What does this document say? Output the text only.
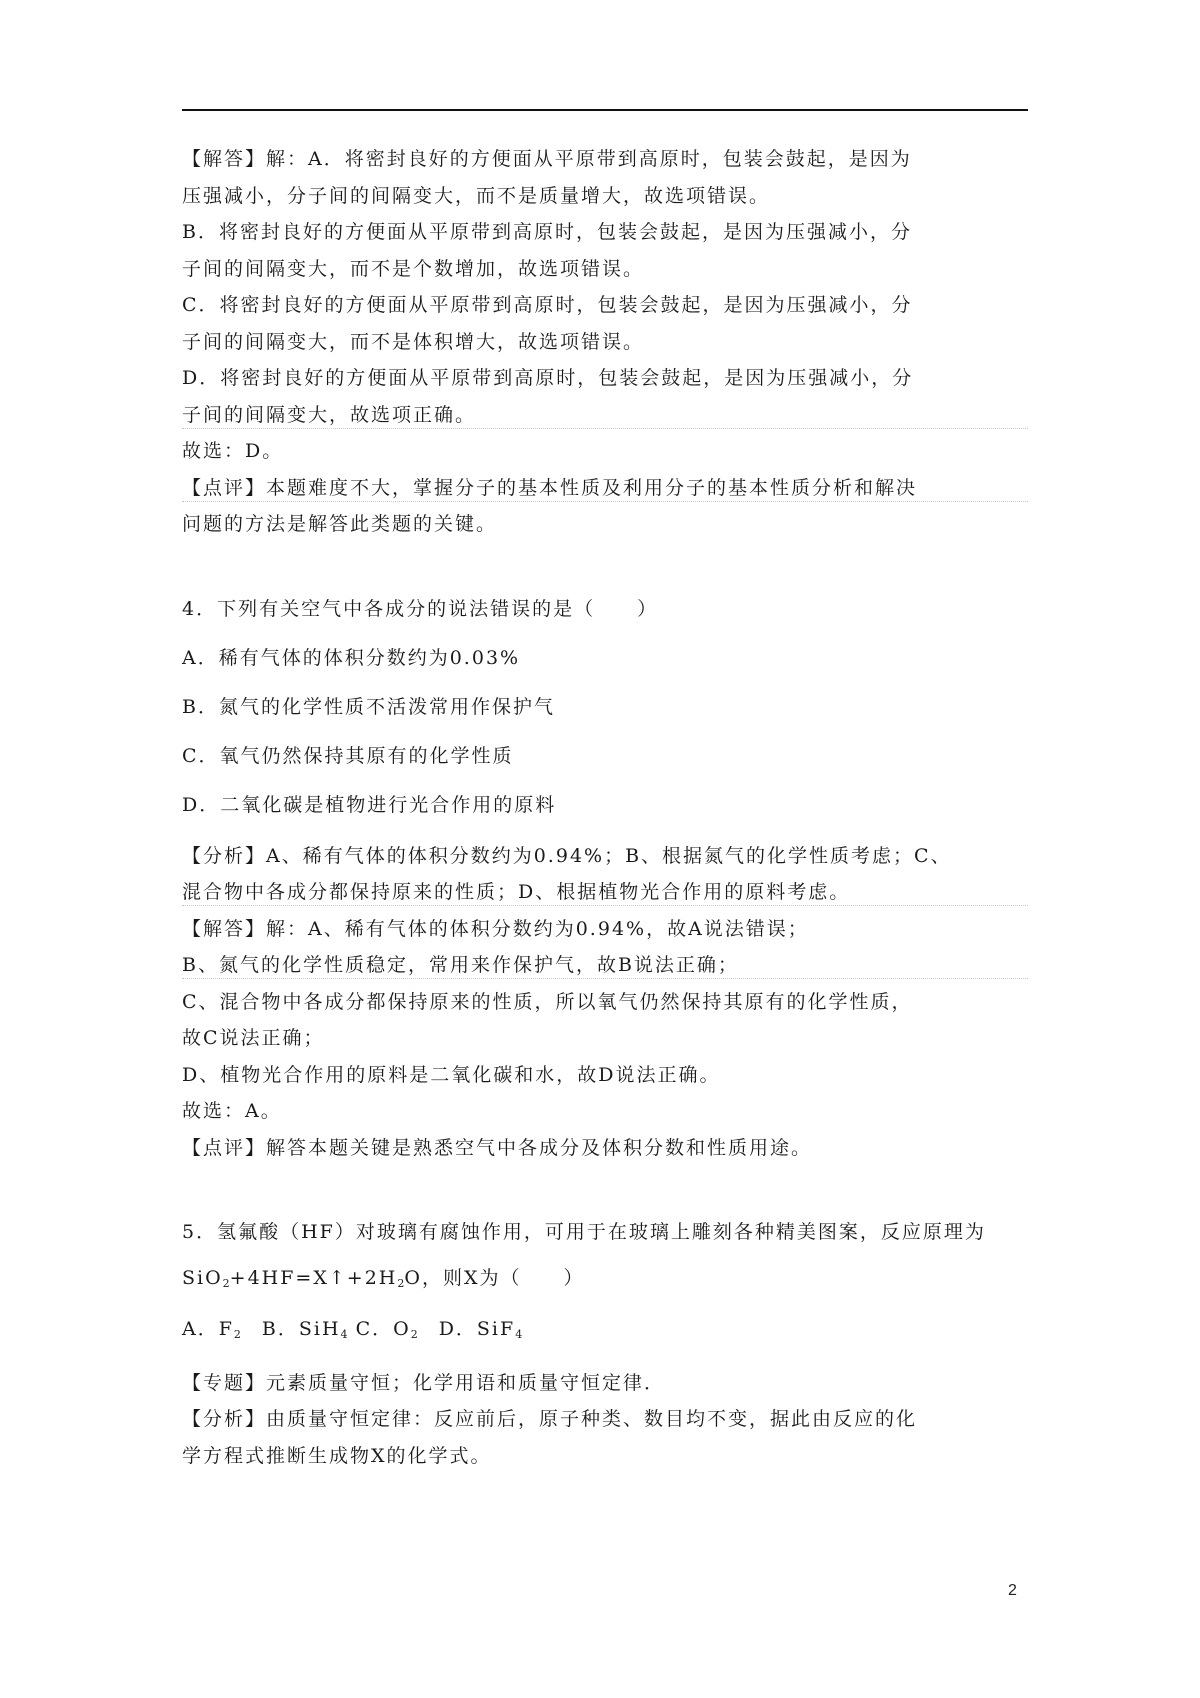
【解答】解：A．将密封良好的方便面从平原带到高原时，包装会鼓起，是因为
压强减小，分子间的间隔变大，而不是质量增大，故选项错误。
B．将密封良好的方便面从平原带到高原时，包装会鼓起，是因为压强减小，分
子间的间隔变大，而不是个数增加，故选项错误。
C．将密封良好的方便面从平原带到高原时，包装会鼓起，是因为压强减小，分
子间的间隔变大，而不是体积增大，故选项错误。
D．将密封良好的方便面从平原带到高原时，包装会鼓起，是因为压强减小，分
子间的间隔变大，故选项正确。
故选：D。
【点评】本题难度不大，掌握分子的基本性质及利用分子的基本性质分析和解决
问题的方法是解答此类题的关键。
4．下列有关空气中各成分的说法错误的是（　　）
A．稀有气体的体积分数约为0.03%
B．氮气的化学性质不活泼常用作保护气
C．氧气仍然保持其原有的化学性质
D．二氧化碳是植物进行光合作用的原料
【分析】A、稀有气体的体积分数约为0.94%；B、根据氮气的化学性质考虑；C、
混合物中各成分都保持原来的性质；D、根据植物光合作用的原料考虑。
【解答】解：A、稀有气体的体积分数约为0.94%，故A说法错误；
B、氮气的化学性质稳定，常用来作保护气，故B说法正确；
C、混合物中各成分都保持原来的性质，所以氧气仍然保持其原有的化学性质，
故C说法正确；
D、植物光合作用的原料是二氧化碳和水，故D说法正确。
故选：A。
【点评】解答本题关键是熟悉空气中各成分及体积分数和性质用途。
5．氢氟酸（HF）对玻璃有腐蚀作用，可用于在玻璃上雕刻各种精美图案，反应原理为
$SiO_2+4HF=X↑+2H_2O$，则X为（　　）
A．$F_2$　B．SiH$_4$ C．$O_2$　D．SiF$_4$
【专题】元素质量守恒；化学用语和质量守恒定律．
【分析】由质量守恒定律：反应前后，原子种类、数目均不变，据此由反应的化
学方程式推断生成物X的化学式。
2
